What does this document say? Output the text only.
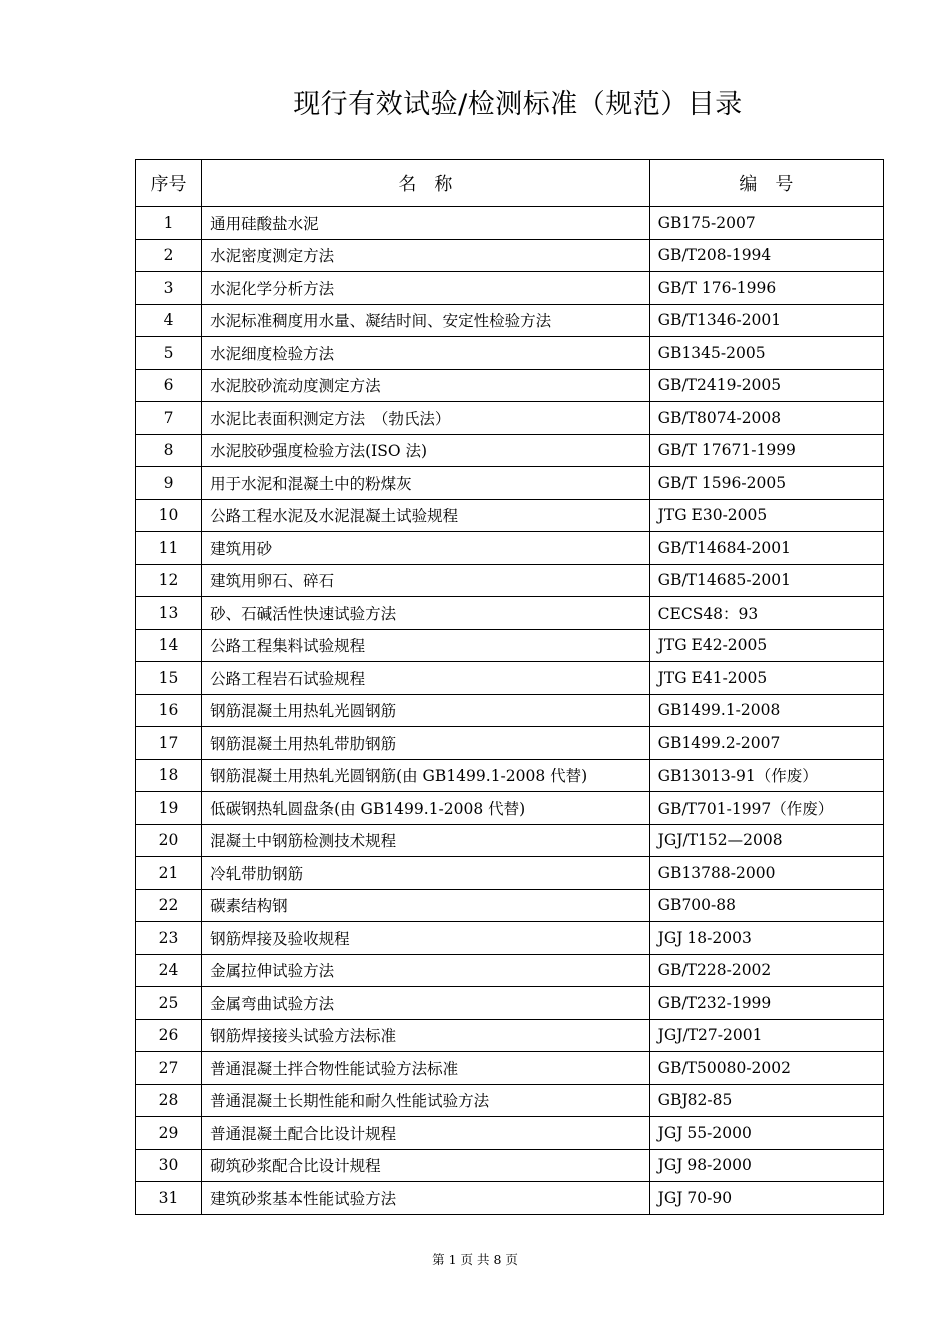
现行有效试验/检测标准（规范）目录
序号	名　称	编　号
1	通用硅酸盐水泥	GB175-2007
2	水泥密度测定方法	GB/T208-1994
3	水泥化学分析方法	GB/T 176-1996
4	水泥标准稠度用水量、凝结时间、安定性检验方法	GB/T1346-2001
5	水泥细度检验方法	GB1345-2005
6	水泥胶砂流动度测定方法	GB/T2419-2005
7	水泥比表面积测定方法　（勃氏法）	GB/T8074-2008
8	水泥胶砂强度检验方法(ISO 法)	GB/T 17671-1999
9	用于水泥和混凝土中的粉煤灰	GB/T 1596-2005
10	公路工程水泥及水泥混凝土试验规程	JTG E30-2005
11	建筑用砂	GB/T14684-2001
12	建筑用卵石、碎石	GB/T14685-2001
13	砂、石碱活性快速试验方法	CECS48：93
14	公路工程集料试验规程	JTG E42-2005
15	公路工程岩石试验规程	JTG E41-2005
16	钢筋混凝土用热轧光圆钢筋	GB1499.1-2008
17	钢筋混凝土用热轧带肋钢筋	GB1499.2-2007
18	钢筋混凝土用热轧光圆钢筋(由 GB1499.1-2008 代替)	GB13013-91（作废）
19	低碳钢热轧圆盘条(由 GB1499.1-2008 代替)	GB/T701-1997（作废）
20	混凝土中钢筋检测技术规程	JGJ/T152—2008
21	冷轧带肋钢筋	GB13788-2000
22	碳素结构钢	GB700-88
23	钢筋焊接及验收规程	JGJ 18-2003
24	金属拉伸试验方法	GB/T228-2002
25	金属弯曲试验方法	GB/T232-1999
26	钢筋焊接接头试验方法标准	JGJ/T27-2001
27	普通混凝土拌合物性能试验方法标准	GB/T50080-2002
28	普通混凝土长期性能和耐久性能试验方法	GBJ82-85
29	普通混凝土配合比设计规程	JGJ 55-2000
30	砌筑砂浆配合比设计规程	JGJ 98-2000
31	建筑砂浆基本性能试验方法	JGJ 70-90
第 1 页 共 8 页
